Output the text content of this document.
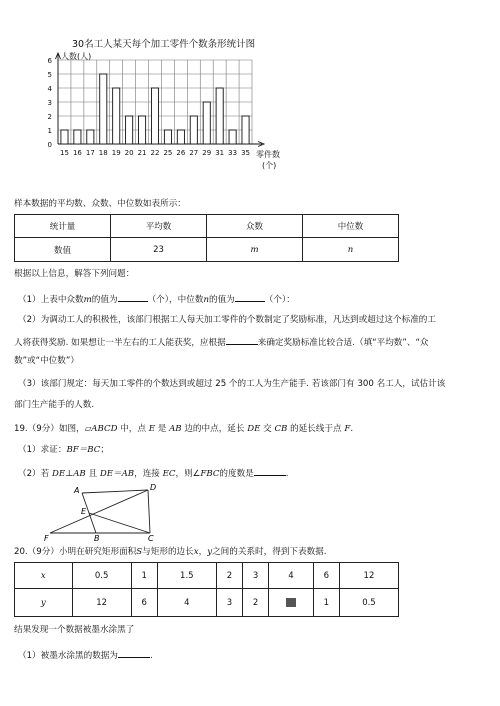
30名工人某天每个加工零件个数条形统计图
0
1
2
3
4
5
6
15 16 17 18 19 20 21 22 25 26 27 29 31 33 35
人数(人)
零件数
(个)
样本数据的平均数、众数、中位数如表所示：
统计量	平均数	众数	中位数
数值	23	m	n
根据以上信息，解答下列问题：
（1）上表中众数m的值为	（个），中位数n的值为	（个）：
（2）为调动工人的积极性，该部门根据工人每天加工零件的个数制定了奖励标准，凡达到或超过这个标准的工
人将获得奖励. 如果想让一半左右的工人能获奖，应根据	来确定奖励标准比较合适.（填“平均数”、“众
数”或“中位数”）
（3）该部门规定：每天加工零件的个数达到或超过 25 个的工人为生产能手. 若该部门有 300 名工人，试估计该
部门生产能手的人数.
19.（9分）如图，▱ABCD 中，点 E 是 AB 边的中点，延长 DE 交 CB 的延长线于点 F.
（1）求证：BF＝BC；
（2）若 DE⊥AB 且 DE＝AB，连接 EC，则∠FBC的度数是	.
A	D
E
F	B	C
20.（9分）小明在研究矩形面积S与矩形的边长x，y之间的关系时，得到下表数据.
x	0.5	1	1.5	2	3	4	6	12
y	12	6	4	3	2		1	0.5
结果发现一个数据被墨水涂黑了
（1）被墨水涂黑的数据为	.
